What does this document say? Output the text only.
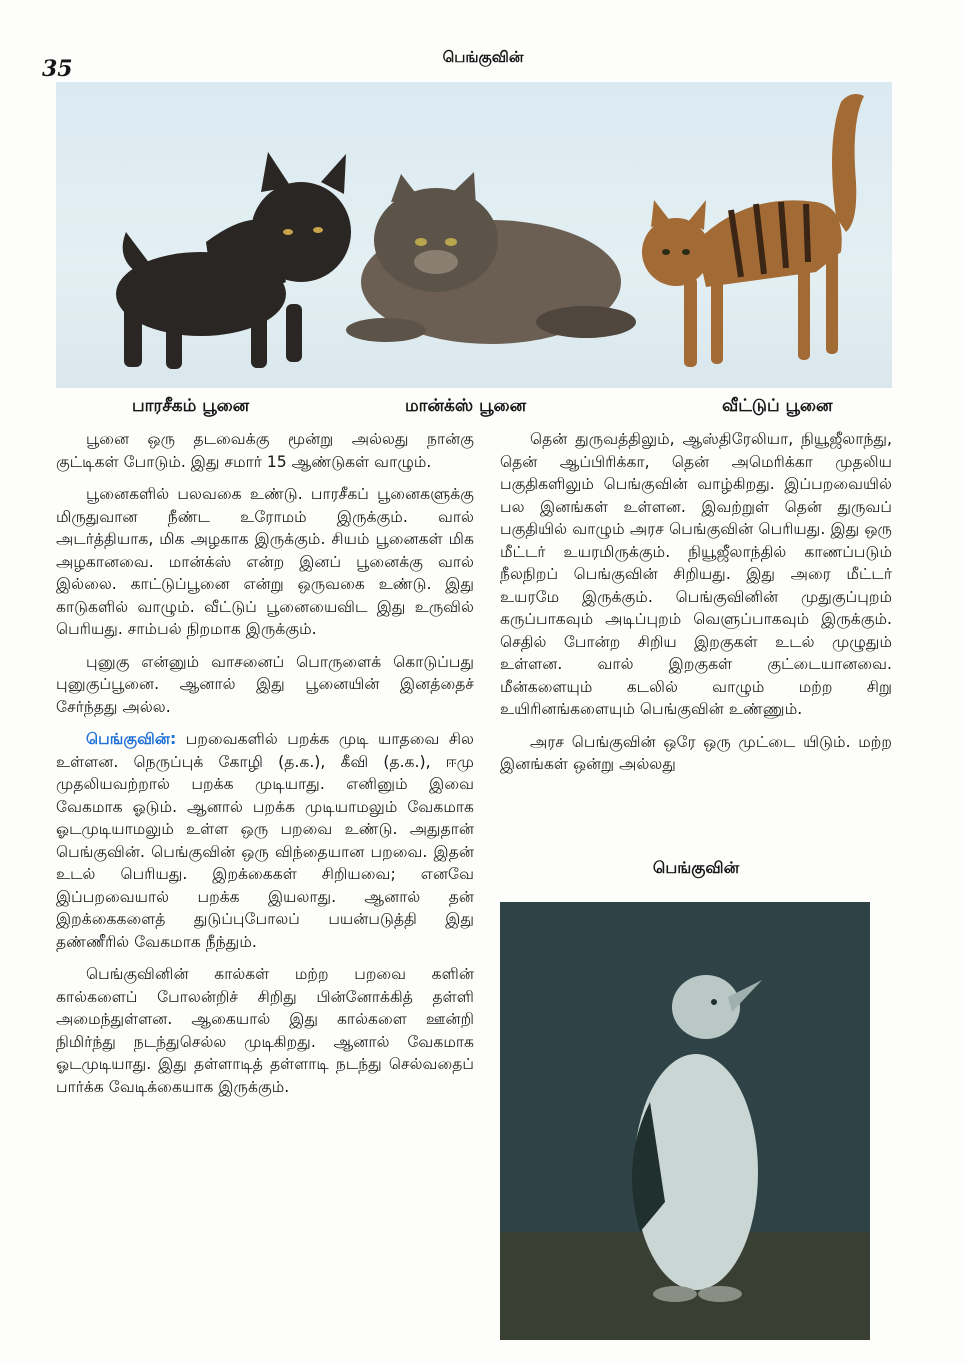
35	பெங்குவின்
பாரசீகம் பூனை	மான்க்ஸ் பூனை	வீட்டுப் பூனை

பூனை ஒரு தடவைக்கு மூன்று அல்லது நான்கு குட்டிகள் போடும். இது சமார் 15 ஆண்டுகள் வாழும்.

பூனைகளில் பலவகை உண்டு. பாரசீகப் பூனைகளுக்கு மிருதுவான நீண்ட உரோமம் இருக்கும். வால் அடர்த்தியாக, மிக அழகாக இருக்கும். சியம் பூனைகள் மிக அழகானவை. மான்க்ஸ் என்ற இனப் பூனைக்கு வால் இல்லை. காட்டுப்பூனை என்று ஒருவகை உண்டு. இது காடுகளில் வாழும். வீட்டுப் பூனையைவிட இது உருவில் பெரியது. சாம்பல் நிறமாக இருக்கும்.

புனுகு என்னும் வாசனைப் பொருளைக் கொடுப்பது புனுகுப்பூனை. ஆனால் இது பூனையின் இனத்தைச் சேர்ந்தது அல்ல.

பெங்குவின்: பறவைகளில் பறக்க முடி யாதவை சில உள்ளன. நெருப்புக் கோழி (த.க.), கீவி (த.க.), ஈமு முதலியவற்றால் பறக்க முடியாது. எனினும் இவை வேகமாக ஓடும். ஆனால் பறக்க முடியாமலும் வேகமாக ஓடமுடியாமலும் உள்ள ஒரு பறவை உண்டு. அதுதான் பெங்குவின். பெங்குவின் ஒரு விந்தையான பறவை. இதன் உடல் பெரியது. இறக்கைகள் சிறியவை; எனவே இப்பறவையால் பறக்க இயலாது. ஆனால் தன் இறக்கைகளைத் துடுப்புபோலப் பயன்படுத்தி இது தண்ணீரில் வேகமாக நீந்தும்.

பெங்குவினின் கால்கள் மற்ற பறவை களின் கால்களைப் போலன்றிச் சிறிது பின்னோக்கித் தள்ளி அமைந்துள்ளன. ஆகையால் இது கால்களை ஊன்றி நிமிர்ந்து நடந்துசெல்ல முடிகிறது. ஆனால் வேகமாக ஓடமுடியாது. இது தள்ளாடித் தள்ளாடி நடந்து செல்வதைப் பார்க்க வேடிக்கையாக இருக்கும்.

தென் துருவத்திலும், ஆஸ்திரேலியா, நியூஜீலாந்து, தென் ஆப்பிரிக்கா, தென் அமெரிக்கா முதலிய பகுதிகளிலும் பெங்குவின் வாழ்கிறது. இப்பறவையில் பல இனங்கள் உள்ளன. இவற்றுள் தென் துருவப் பகுதியில் வாழும் அரச பெங்குவின் பெரியது. இது ஒரு மீட்டர் உயரமிருக்கும். நியூஜீலாந்தில் காணப்படும் நீலநிறப் பெங்குவின் சிறியது. இது அரை மீட்டர் உயரமே இருக்கும். பெங்குவினின் முதுகுப்புறம் கருப்பாகவும் அடிப்புறம் வெளுப்பாகவும் இருக்கும். செதில் போன்ற சிறிய இறகுகள் உடல் முழுதும் உள்ளன. வால் இறகுகள் குட்டையானவை. மீன்களையும் கடலில் வாழும் மற்ற சிறு உயிரினங்களையும் பெங்குவின் உண்ணும்.

அரச பெங்குவின் ஒரே ஒரு முட்டை யிடும். மற்ற இனங்கள் ஒன்று அல்லது

பெங்குவின்
